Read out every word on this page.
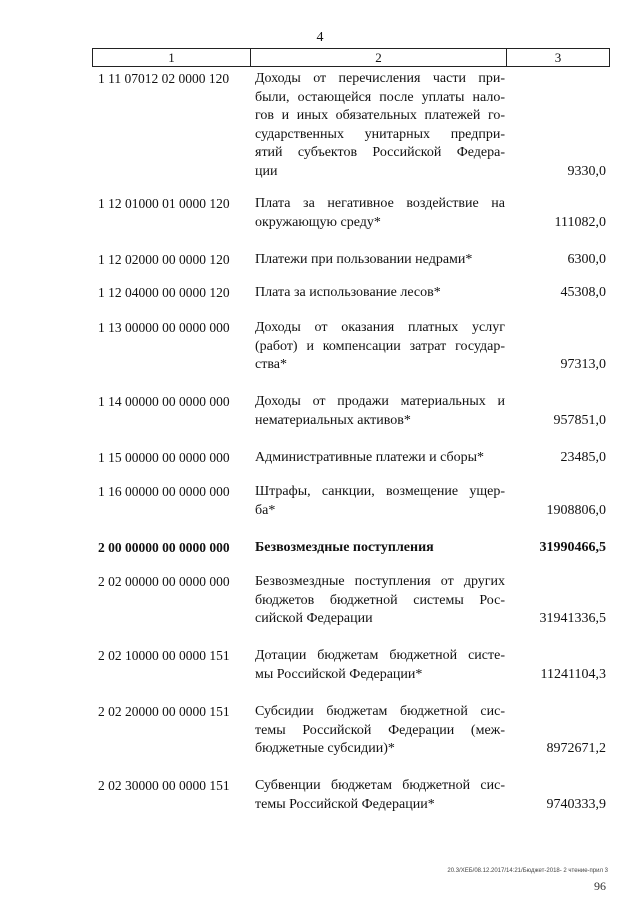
4
1	2	3
1 11 07012 02 0000 120	Доходы от перечисления части при-
были, остающейся после уплаты нало-
гов и иных обязательных платежей го-
сударственных унитарных предпри-
ятий субъектов Российской Федера-
ции	9330,0
1 12 01000 01 0000 120	Плата за негативное воздействие на
окружающую среду*	111082,0
1 12 02000 00 0000 120	Платежи при пользовании недрами*	6300,0
1 12 04000 00 0000 120	Плата за использование лесов*	45308,0
1 13 00000 00 0000 000	Доходы от оказания платных услуг
(работ) и компенсации затрат государ-
ства*	97313,0
1 14 00000 00 0000 000	Доходы от продажи материальных и
нематериальных активов*	957851,0
1 15 00000 00 0000 000	Административные платежи и сборы*	23485,0
1 16 00000 00 0000 000	Штрафы, санкции, возмещение ущер-
ба*	1908806,0
2 00 00000 00 0000 000	Безвозмездные поступления	31990466,5
2 02 00000 00 0000 000	Безвозмездные поступления от других
бюджетов бюджетной системы Рос-
сийской Федерации	31941336,5
2 02 10000 00 0000 151	Дотации бюджетам бюджетной систе-
мы Российской Федерации*	11241104,3
2 02 20000 00 0000 151	Субсидии бюджетам бюджетной сис-
темы Российской Федерации (меж-
бюджетные субсидии)*	8972671,2
2 02 30000 00 0000 151	Субвенции бюджетам бюджетной сис-
темы Российской Федерации*	9740333,9
20.3/ХЕБ/08.12.2017/14:21/Бюджет-2018- 2 чтение-прил 3
96
